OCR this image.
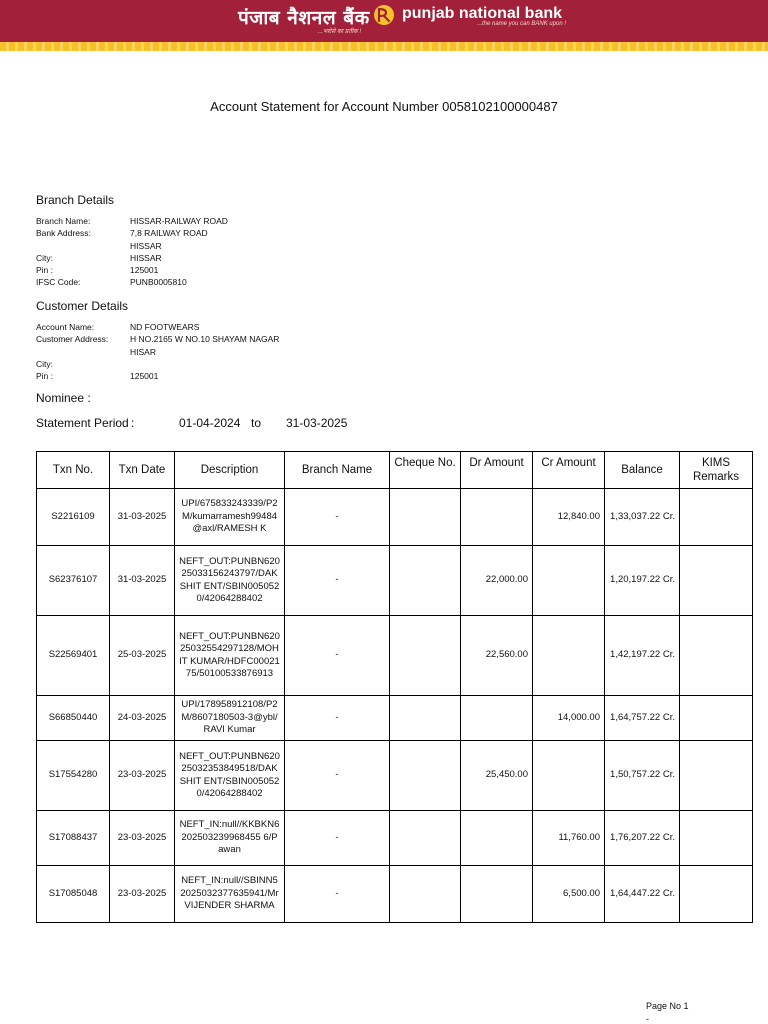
पंजाब नैशनल बैंक
...भरोसे का प्रतीक !
punjab national bank
...the name you can BANK upon !
Account Statement for Account Number 0058102100000487
Branch Details
Branch Name:	HISSAR-RAILWAY ROAD
Bank Address:	7,8 RAILWAY ROAD
HISSAR
City:	HISSAR
Pin :	125001
IFSC Code:	PUNB0005810
Customer Details
Account Name:	ND FOOTWEARS
Customer Address:	H NO.2165 W NO.10 SHAYAM NAGAR
HISAR
City:
Pin :	125001
Nominee :
Statement Period :	01-04-2024 to 31-03-2025
Txn No.	Txn Date	Description	Branch Name	Cheque No.	Dr Amount	Cr Amount	Balance	KIMS Remarks
S2216109	31-03-2025	UPI/675833243339/P2M/kumarramesh99484@axl/RAMESH K	-			12,840.00	1,33,037.22 Cr.	
S62376107	31-03-2025	NEFT_OUT:PUNBN62025033156243797/DAKSHIT ENT/SBIN0050520/42064288402	-		22,000.00		1,20,197.22 Cr.	
S22569401	25-03-2025	NEFT_OUT:PUNBN62025032554297128/MOHIT KUMAR/HDFC0002175/50100533876913	-		22,560.00		1,42,197.22 Cr.	
S66850440	24-03-2025	UPI/178958912108/P2M/8607180503-3@ybl/RAVI Kumar	-			14,000.00	1,64,757.22 Cr.	
S17554280	23-03-2025	NEFT_OUT:PUNBN62025032353849518/DAKSHIT ENT/SBIN0050520/42064288402	-		25,450.00		1,50,757.22 Cr.	
S17088437	23-03-2025	NEFT_IN:null//KKBKN6202503239968455 6/Pawan	-			11,760.00	1,76,207.22 Cr.	
S17085048	23-03-2025	NEFT_IN:null//SBINN52025032377635941/Mr VIJENDER SHARMA	-			6,500.00	1,64,447.22 Cr.	
Page No 1
-
